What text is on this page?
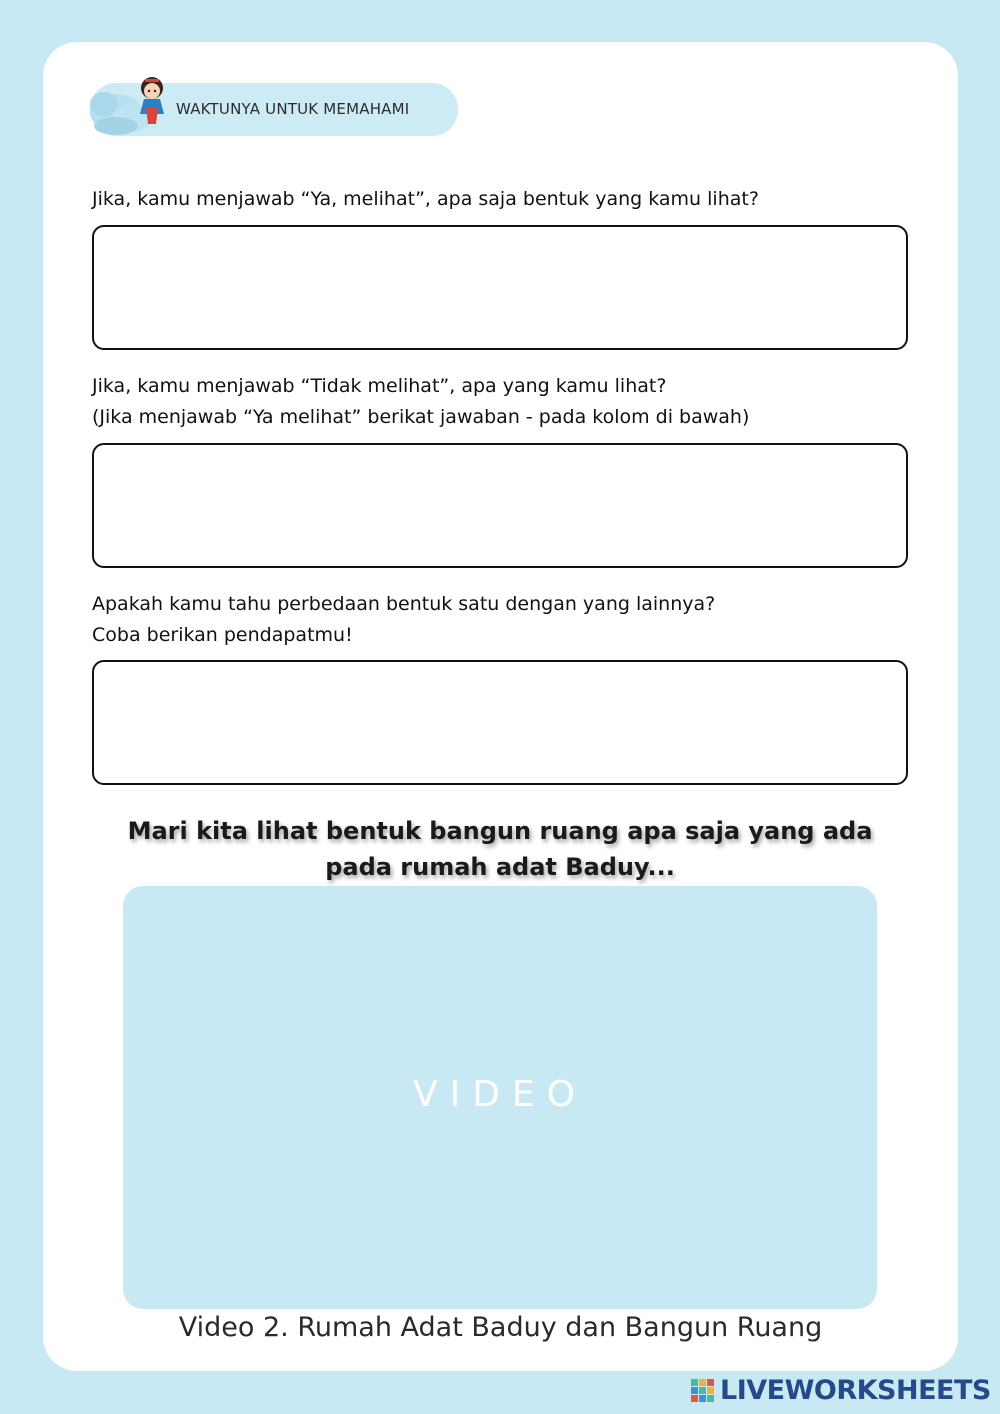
WAKTUNYA UNTUK MEMAHAMI
Jika, kamu menjawab “Ya, melihat”, apa saja bentuk yang kamu lihat?
Jika, kamu menjawab “Tidak melihat”, apa yang kamu lihat?
(Jika menjawab “Ya melihat” berikat jawaban - pada kolom di bawah)
Apakah kamu tahu perbedaan bentuk satu dengan yang lainnya?
Coba berikan pendapatmu!
Mari kita lihat bentuk bangun ruang apa saja yang ada
pada rumah adat Baduy...
VIDEO
Video 2. Rumah Adat Baduy dan Bangun Ruang
LIVEWORKSHEETS
